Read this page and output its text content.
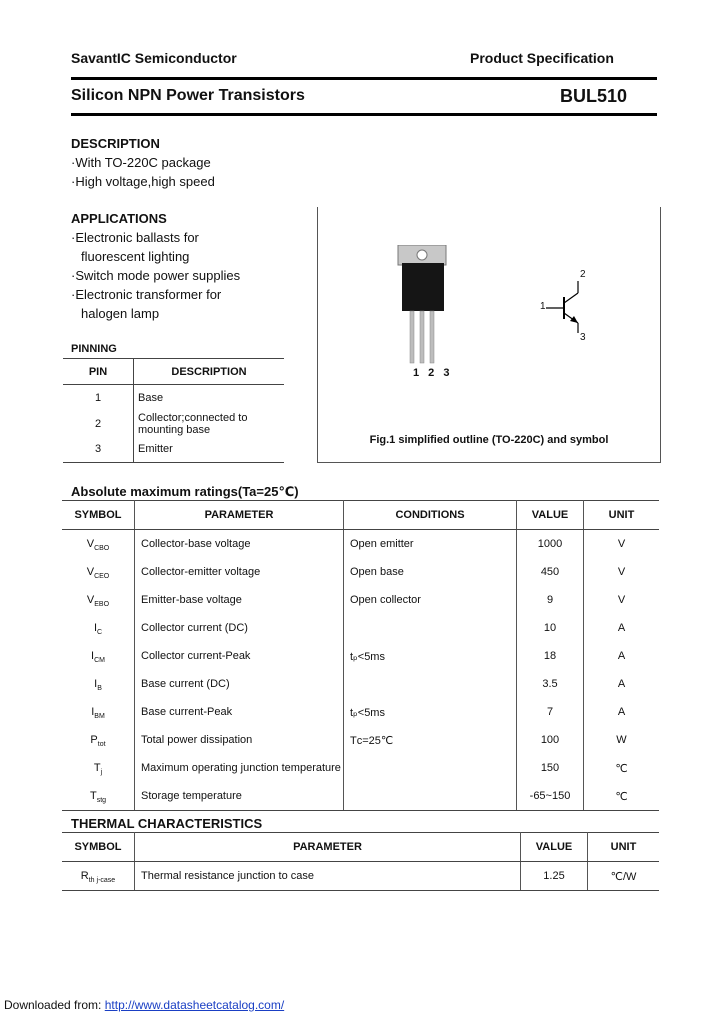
SavantIC Semiconductor	Product Specification
Silicon NPN Power Transistors	BUL510
DESCRIPTION
·With TO-220C package
·High voltage,high speed
APPLICATIONS
·Electronic ballasts for
fluorescent lighting
·Switch mode power supplies
·Electronic transformer for
halogen lamp
PINNING
PIN	DESCRIPTION
1	Base
2	Collector;connected to mounting base
3	Emitter
1 2 3
2
1
3
Fig.1 simplified outline (TO-220C) and symbol
Absolute maximum ratings(Ta=25℃)
SYMBOL	PARAMETER	CONDITIONS	VALUE	UNIT
$V_{CBO}$	Collector-base voltage	Open emitter	1000	V
$V_{CEO}$	Collector-emitter voltage	Open base	450	V
$V_{EBO}$	Emitter-base voltage	Open collector	9	V
$I_C$	Collector current (DC)		10	A
$I_{CM}$	Collector current-Peak	tₚ<5ms	18	A
$I_B$	Base current (DC)		3.5	A
$I_{BM}$	Base current-Peak	tₚ<5ms	7	A
$P_{tot}$	Total power dissipation	Tᴄ=25℃	100	W
$T_j$	Maximum operating junction temperature		150	℃
$T_{stg}$	Storage temperature		-65~150	℃
THERMAL CHARACTERISTICS
SYMBOL	PARAMETER	VALUE	UNIT
$R_{th j-case}$	Thermal resistance junction to case	1.25	℃/W
Downloaded from: http://www.datasheetcatalog.com/
